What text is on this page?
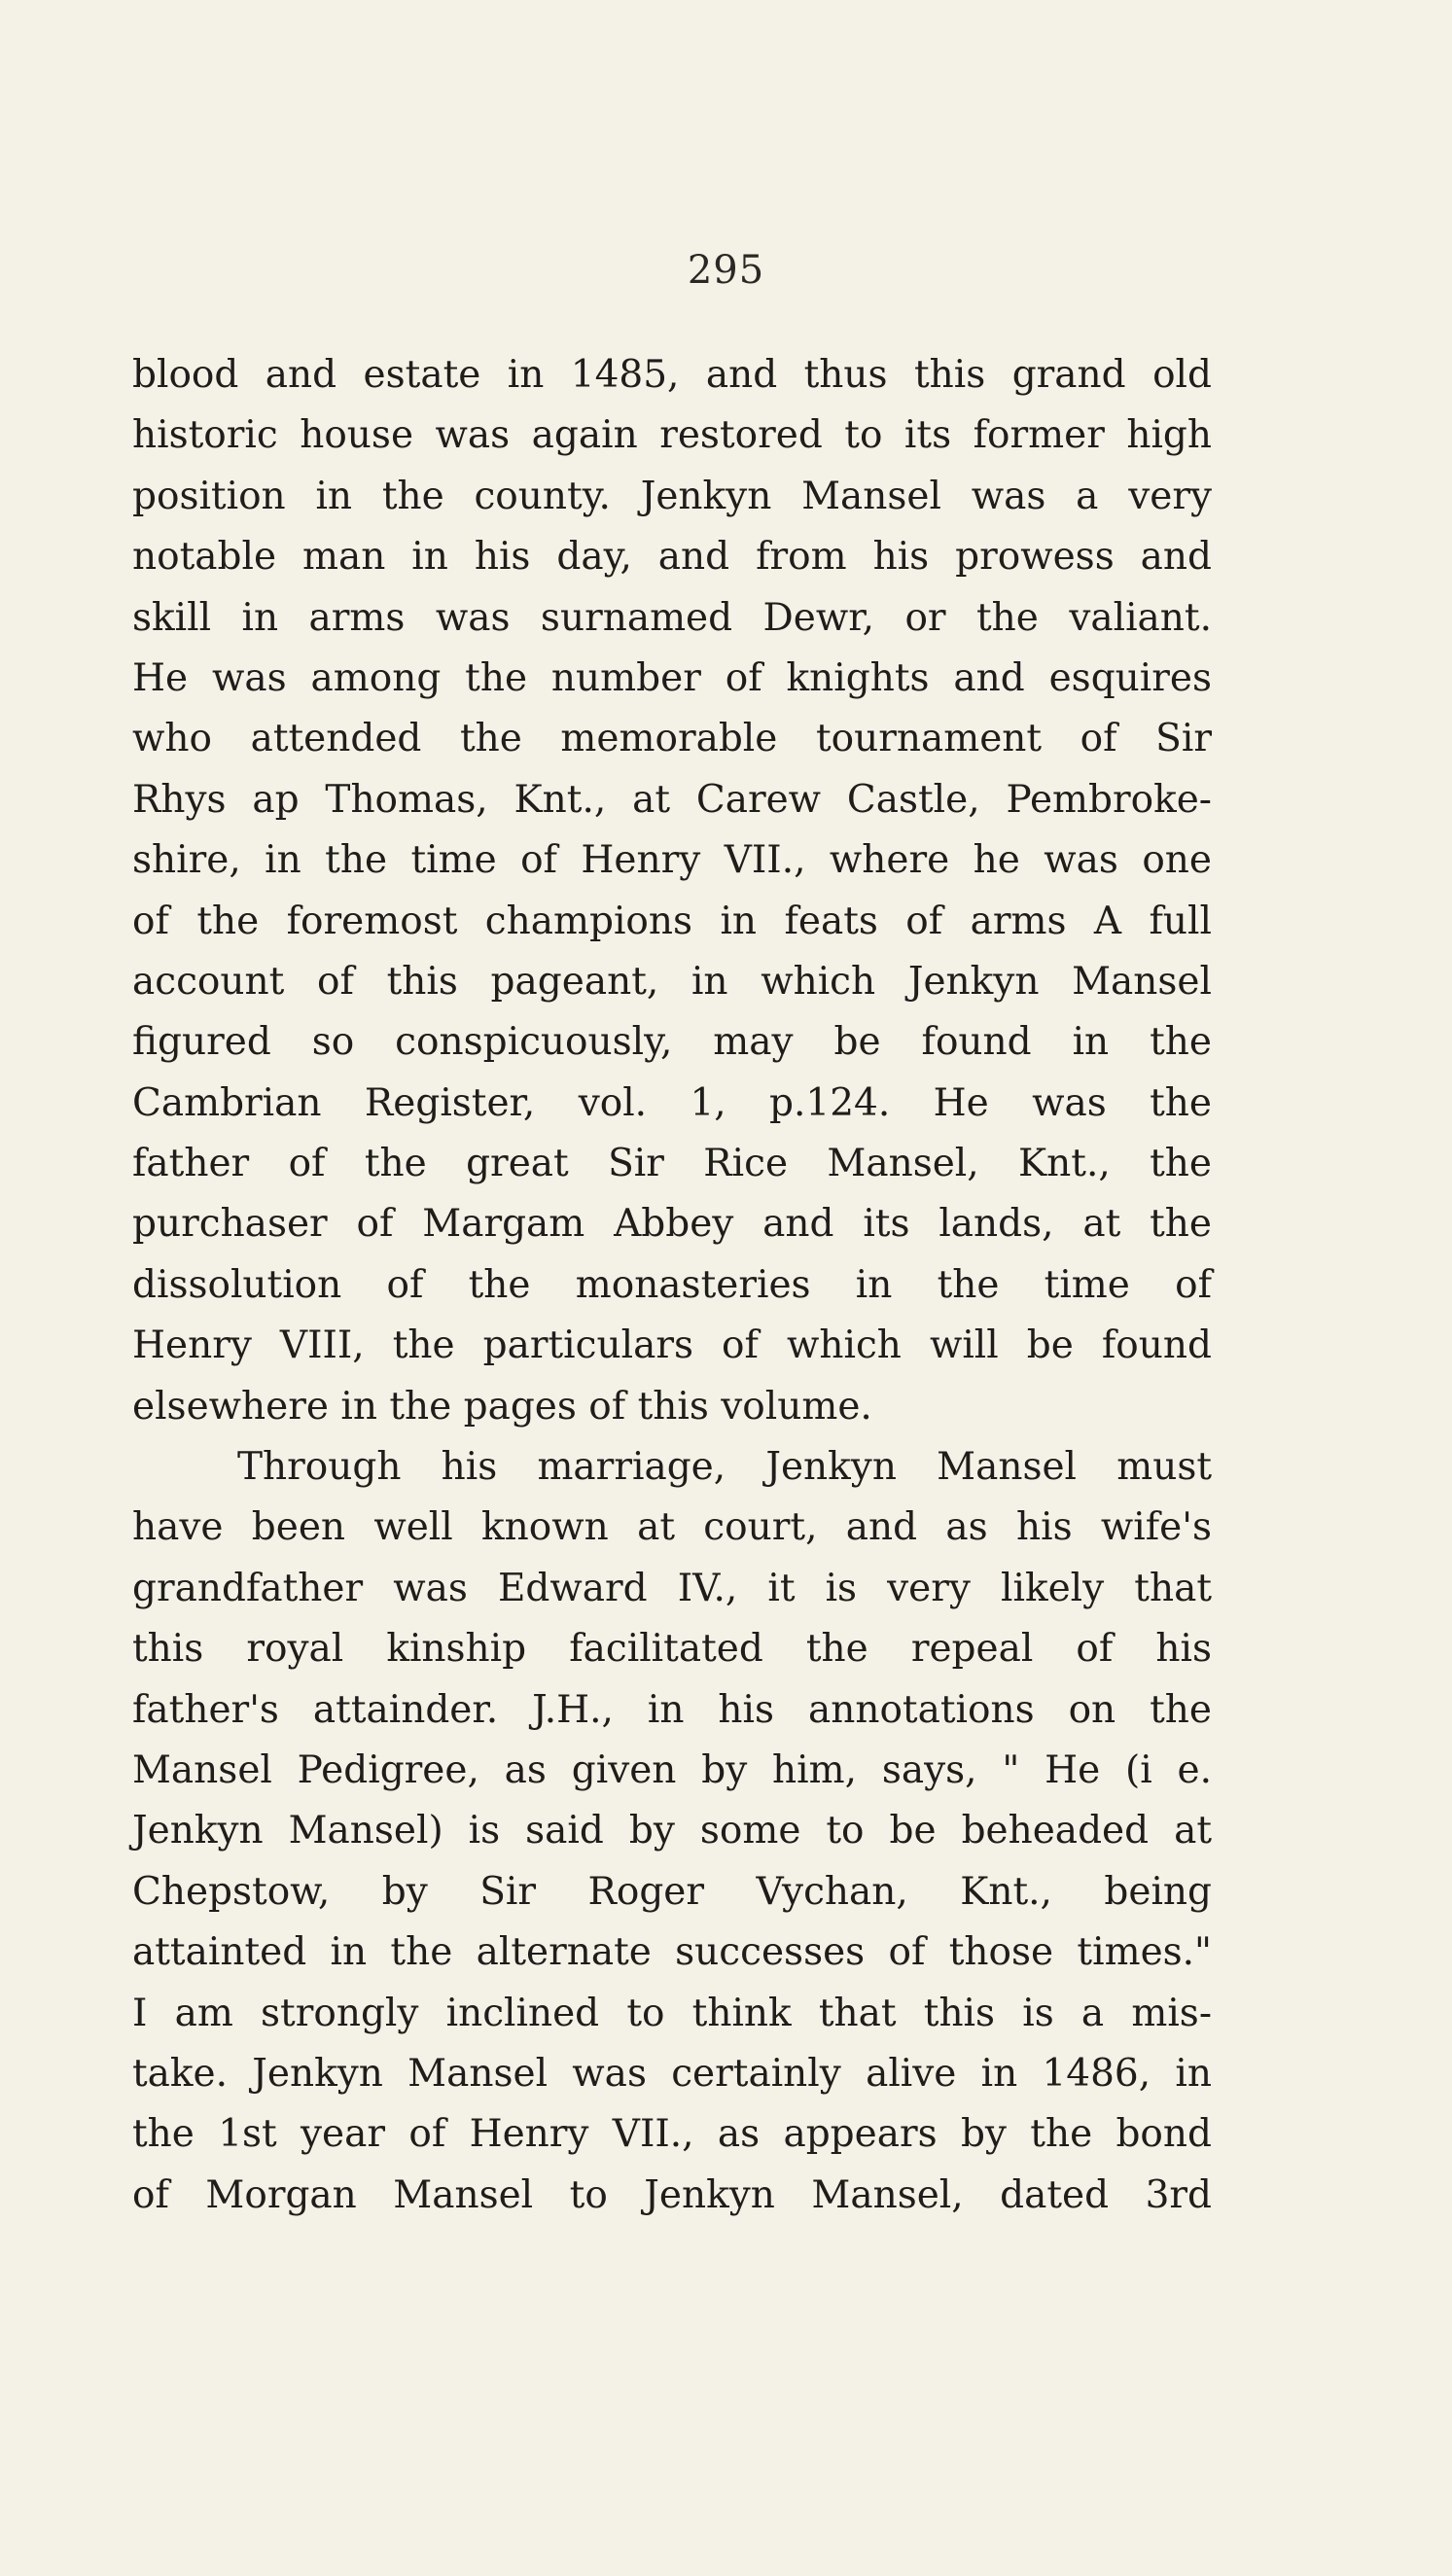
295
blood and estate in 1485, and thus this grand old
historic house was again restored to its former high
position in the county. Jenkyn Mansel was a very
notable man in his day, and from his prowess and
skill in arms was surnamed Dewr, or the valiant.
He was among the number of knights and esquires
who attended the memorable tournament of Sir
Rhys ap Thomas, Knt., at Carew Castle, Pembroke-
shire, in the time of Henry VII., where he was one
of the foremost champions in feats of arms A full
account of this pageant, in which Jenkyn Mansel
figured so conspicuously, may be found in the
Cambrian Register, vol. 1, p.124. He was the
father of the great Sir Rice Mansel, Knt., the
purchaser of Margam Abbey and its lands, at the
dissolution of the monasteries in the time of
Henry VIII, the particulars of which will be found
elsewhere in the pages of this volume.
Through his marriage, Jenkyn Mansel must
have been well known at court, and as his wife's
grandfather was Edward IV., it is very likely that
this royal kinship facilitated the repeal of his
father's attainder. J.H., in his annotations on the
Mansel Pedigree, as given by him, says, " He (i e.
Jenkyn Mansel) is said by some to be beheaded at
Chepstow, by Sir Roger Vychan, Knt., being
attainted in the alternate successes of those times."
I am strongly inclined to think that this is a mis-
take. Jenkyn Mansel was certainly alive in 1486, in
the 1st year of Henry VII., as appears by the bond
of Morgan Mansel to Jenkyn Mansel, dated 3rd
